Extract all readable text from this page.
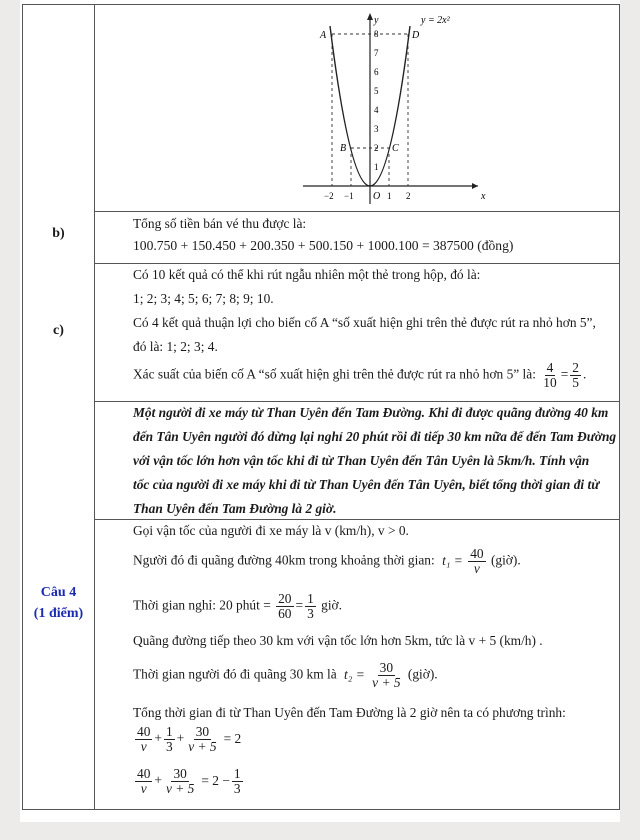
y
x
y = 2x²
A	D
B	C
O
1
2
3
4
5
6
7
8
−2 −1	1 2
b)
Tổng số tiền bán vé thu được là:
100.750 + 150.450 + 200.350 + 500.150 + 1000.100 = 387500 (đồng)
c)
Có 10 kết quả có thể khi rút ngẫu nhiên một thẻ trong hộp, đó là:
1; 2; 3; 4; 5; 6; 7; 8; 9; 10.
Có 4 kết quả thuận lợi cho biến cố A “số xuất hiện ghi trên thẻ được rút ra nhỏ hơn 5”,
đó là: 1; 2; 3; 4.
Xác suất của biến cố A “số xuất hiện ghi trên thẻ được rút ra nhỏ hơn 5” là: $\frac{4}{10} = \frac{2}{5}$ .
Câu 4
(1 điểm)
Một người đi xe máy từ Than Uyên đến Tam Đường. Khi đi được quãng đường 40 km
đến Tân Uyên người đó dừng lại nghỉ 20 phút rồi đi tiếp 30 km nữa để đến Tam Đường
với vận tốc lớn hơn vận tốc khi đi từ Than Uyên đến Tân Uyên là 5km/h. Tính vận
tốc của người đi xe máy khi đi từ Than Uyên đến Tân Uyên, biết tổng thời gian đi từ
Than Uyên đến Tam Đường là 2 giờ.
Gọi vận tốc của người đi xe máy là v (km/h), v > 0.
Người đó đi quãng đường 40km trong khoảng thời gian: $t_1 = \frac{40}{v}$ (giờ).
Thời gian nghỉ: 20 phút = $\frac{20}{60} = \frac{1}{3}$ giờ.
Quãng đường tiếp theo 30 km với vận tốc lớn hơn 5km, tức là v + 5 (km/h) .
Thời gian người đó đi quãng 30 km là $t_2 = \frac{30}{v + 5}$ (giờ).
Tổng thời gian đi từ Than Uyên đến Tam Đường là 2 giờ nên ta có phương trình:
$\frac{40}{v} + \frac{1}{3} + \frac{30}{v + 5} = 2$
$\frac{40}{v} + \frac{30}{v + 5} = 2 - \frac{1}{3}$
